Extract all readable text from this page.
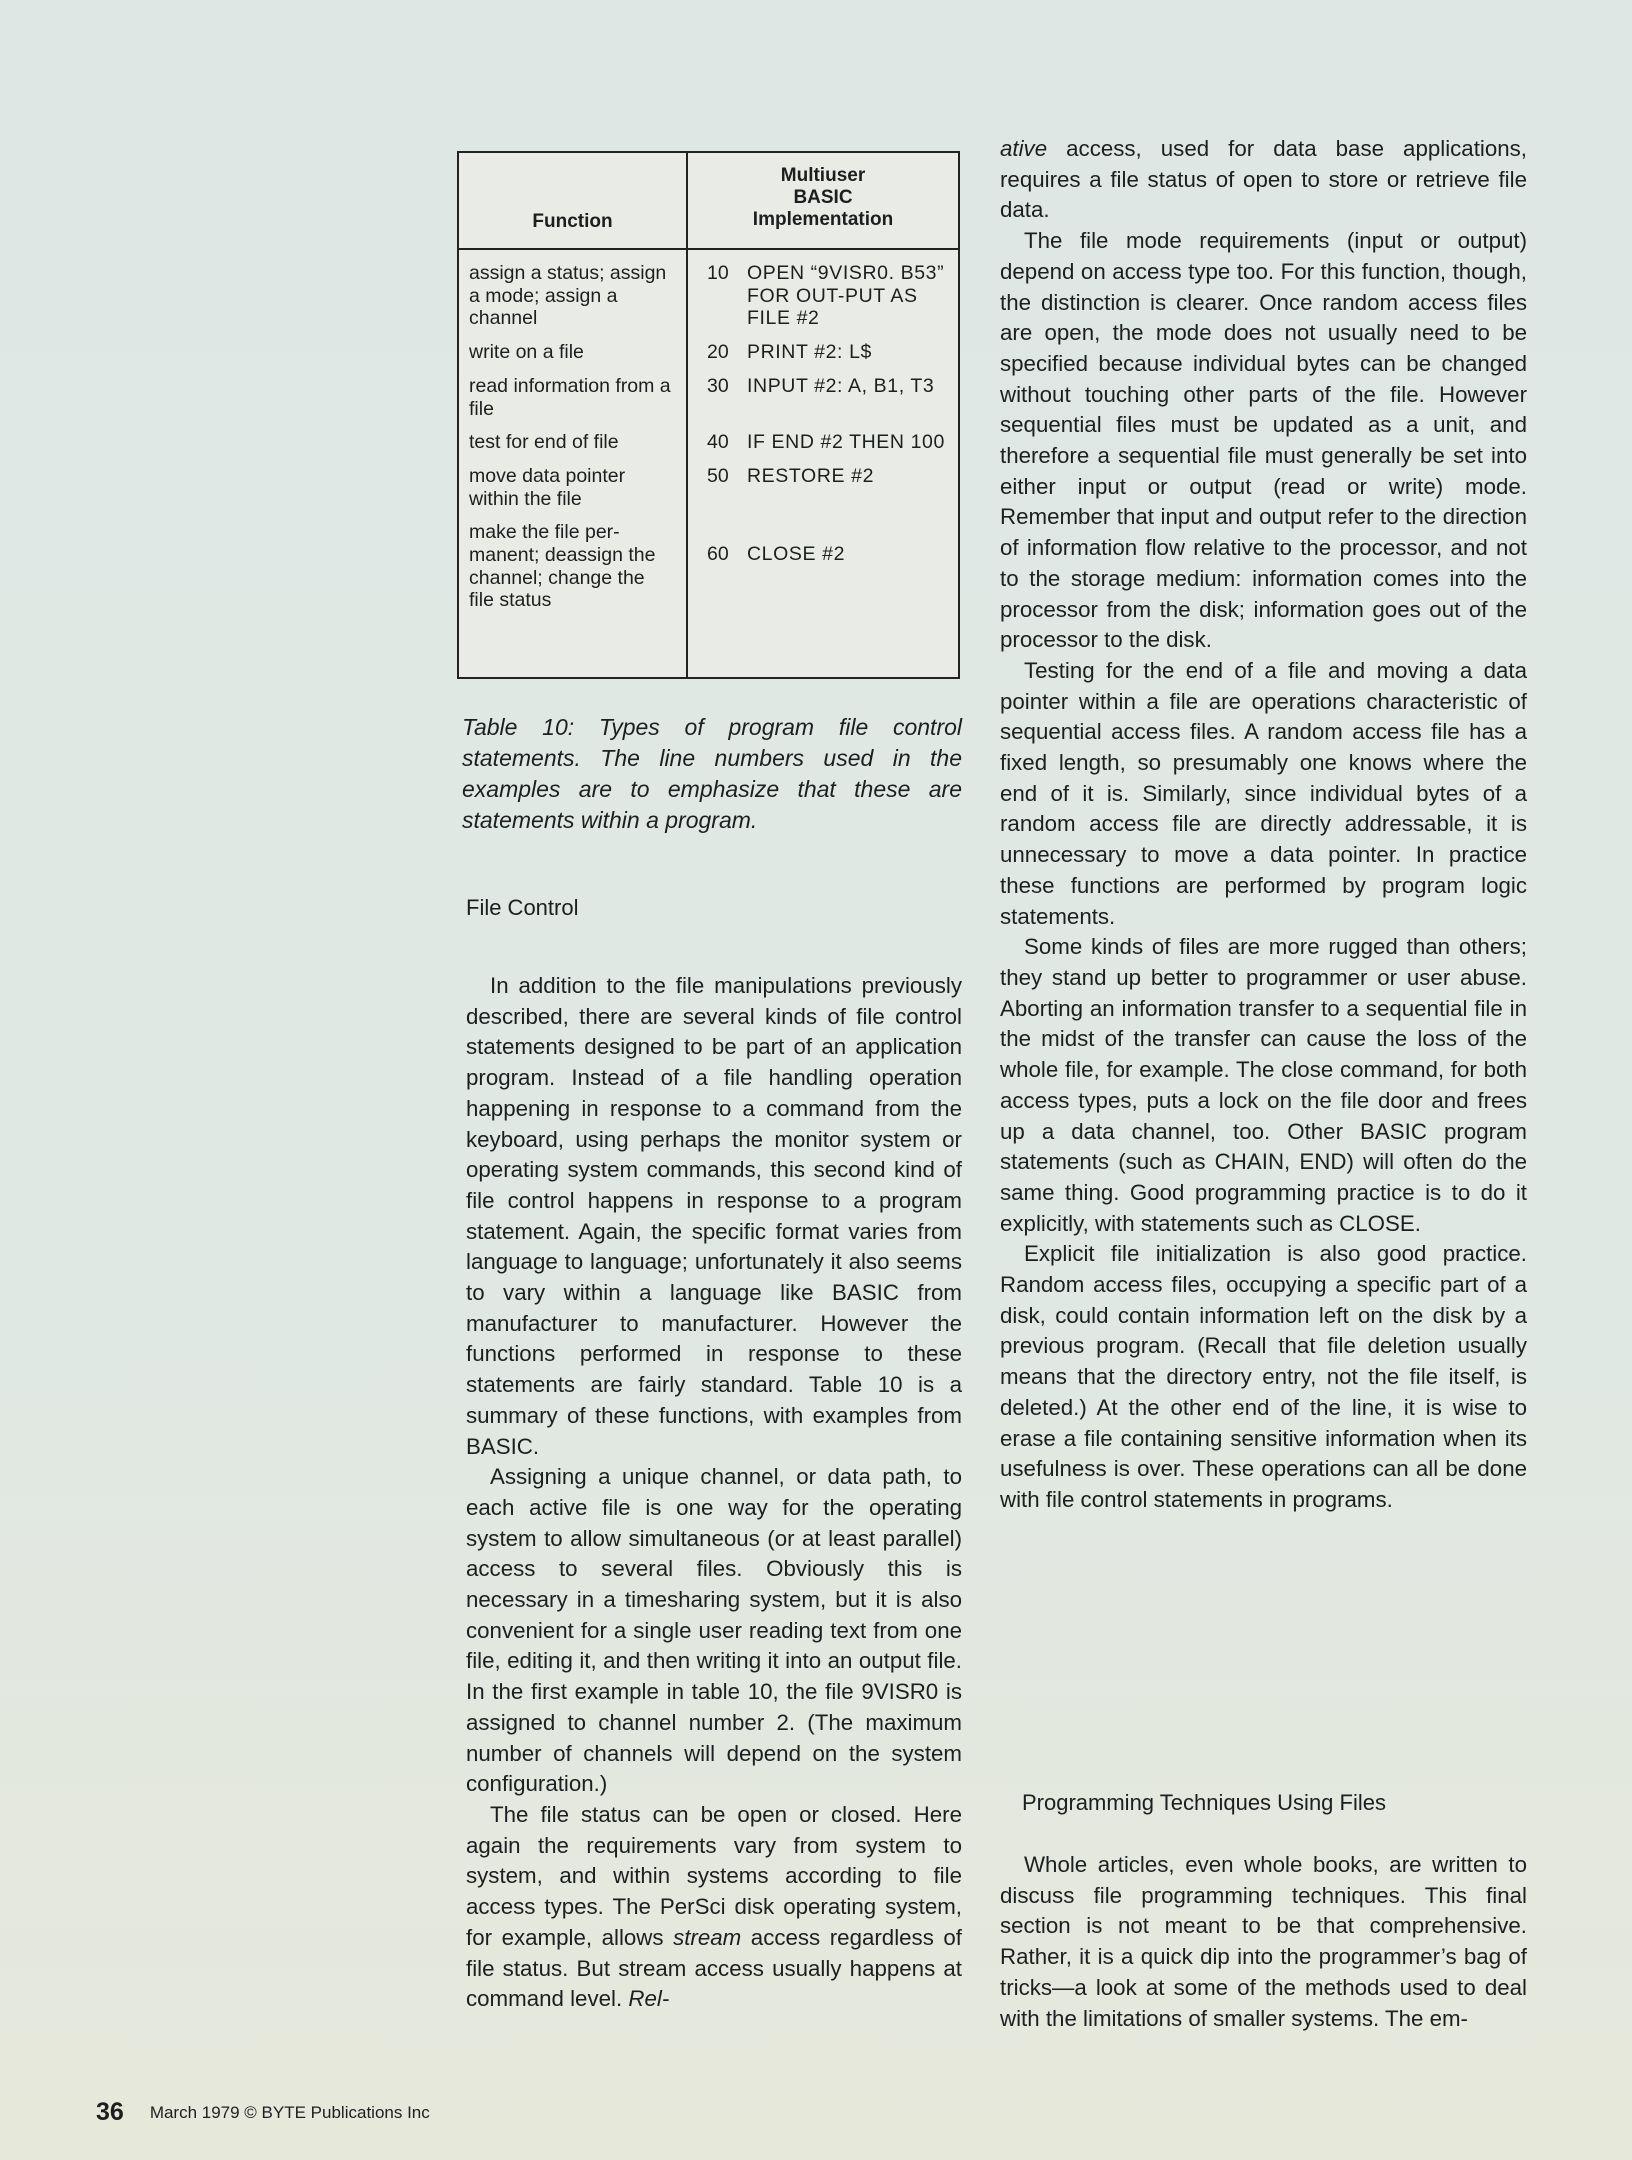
Function
Multiuser
BASIC
Implementation
assign a status; assign a mode; assign a channel
10 OPEN “9VISR0. B53” FOR OUT-PUT AS FILE #2
write on a file	20 PRINT #2: L$
read information from a file
30 INPUT #2: A, B1, T3
test for end of file	40 IF END #2 THEN 100
move data pointer within the file
50 RESTORE #2
make the file per-manent; deassign the channel; change the file status
60 CLOSE #2
Table 10: Types of program file control statements. The line numbers used in the examples are to emphasize that these are statements within a program.
File Control

In addition to the file manipulations previously described, there are several kinds of file control statements designed to be part of an application program. Instead of a file handling operation happening in response to a command from the keyboard, using perhaps the monitor system or operating system commands, this second kind of file control happens in response to a program statement. Again, the specific format varies from language to language; unfortunately it also seems to vary within a language like BASIC from manufacturer to manufacturer. However the functions performed in response to these statements are fairly standard. Table 10 is a summary of these functions, with examples from BASIC.

Assigning a unique channel, or data path, to each active file is one way for the operating system to allow simultaneous (or at least parallel) access to several files. Obviously this is necessary in a timesharing system, but it is also convenient for a single user reading text from one file, editing it, and then writing it into an output file. In the first example in table 10, the file 9VISR0 is assigned to channel number 2. (The maximum number of channels will depend on the system configuration.)

The file status can be open or closed. Here again the requirements vary from system to system, and within systems according to file access types. The PerSci disk operating system, for example, allows stream access regardless of file status. But stream access usually happens at command level. Rel-

ative access, used for data base applications, requires a file status of open to store or retrieve file data.

The file mode requirements (input or output) depend on access type too. For this function, though, the distinction is clearer. Once random access files are open, the mode does not usually need to be specified because individual bytes can be changed without touching other parts of the file. However sequential files must be updated as a unit, and therefore a sequential file must generally be set into either input or output (read or write) mode. Remember that input and output refer to the direction of information flow relative to the processor, and not to the storage medium: information comes into the processor from the disk; information goes out of the processor to the disk.

Testing for the end of a file and moving a data pointer within a file are operations characteristic of sequential access files. A random access file has a fixed length, so presumably one knows where the end of it is. Similarly, since individual bytes of a random access file are directly addressable, it is unnecessary to move a data pointer. In practice these functions are performed by program logic statements.

Some kinds of files are more rugged than others; they stand up better to programmer or user abuse. Aborting an information transfer to a sequential file in the midst of the transfer can cause the loss of the whole file, for example. The close command, for both access types, puts a lock on the file door and frees up a data channel, too. Other BASIC program statements (such as CHAIN, END) will often do the same thing. Good programming practice is to do it explicitly, with statements such as CLOSE.

Explicit file initialization is also good practice. Random access files, occupying a specific part of a disk, could contain information left on the disk by a previous program. (Recall that file deletion usually means that the directory entry, not the file itself, is deleted.) At the other end of the line, it is wise to erase a file containing sensitive information when its usefulness is over. These operations can all be done with file control statements in programs.

Programming Techniques Using Files

Whole articles, even whole books, are written to discuss file programming techniques. This final section is not meant to be that comprehensive. Rather, it is a quick dip into the programmer’s bag of tricks—a look at some of the methods used to deal with the limitations of smaller systems. The em-

36 March 1979 © BYTE Publications Inc
